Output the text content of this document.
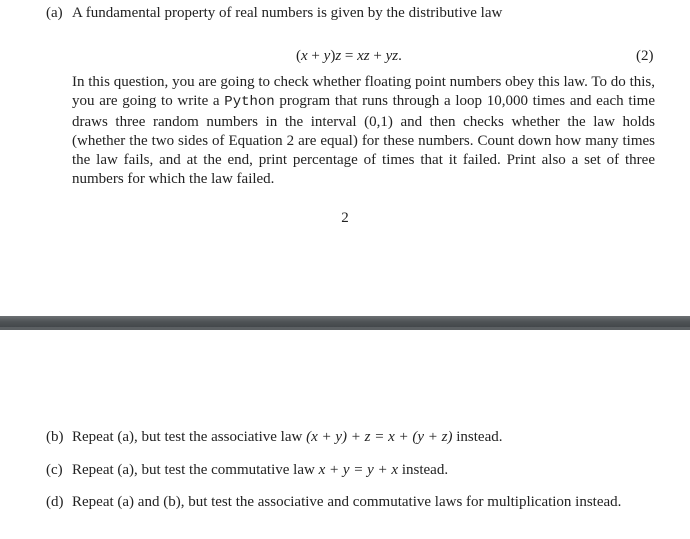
(a) A fundamental property of real numbers is given by the distributive law
(x + y)z = xz + yz.	(2)
In this question, you are going to check whether floating point numbers obey this law. To do this, you are going to write a Python program that runs through a loop 10,000 times and each time draws three random numbers in the interval (0,1) and then checks whether the law holds (whether the two sides of Equation 2 are equal) for these numbers. Count down how many times the law fails, and at the end, print percentage of times that it failed. Print also a set of three numbers for which the law failed.
2
(b) Repeat (a), but test the associative law (x + y) + z = x + (y + z) instead.
(c) Repeat (a), but test the commutative law x + y = y + x instead.
(d) Repeat (a) and (b), but test the associative and commutative laws for multiplication instead.
